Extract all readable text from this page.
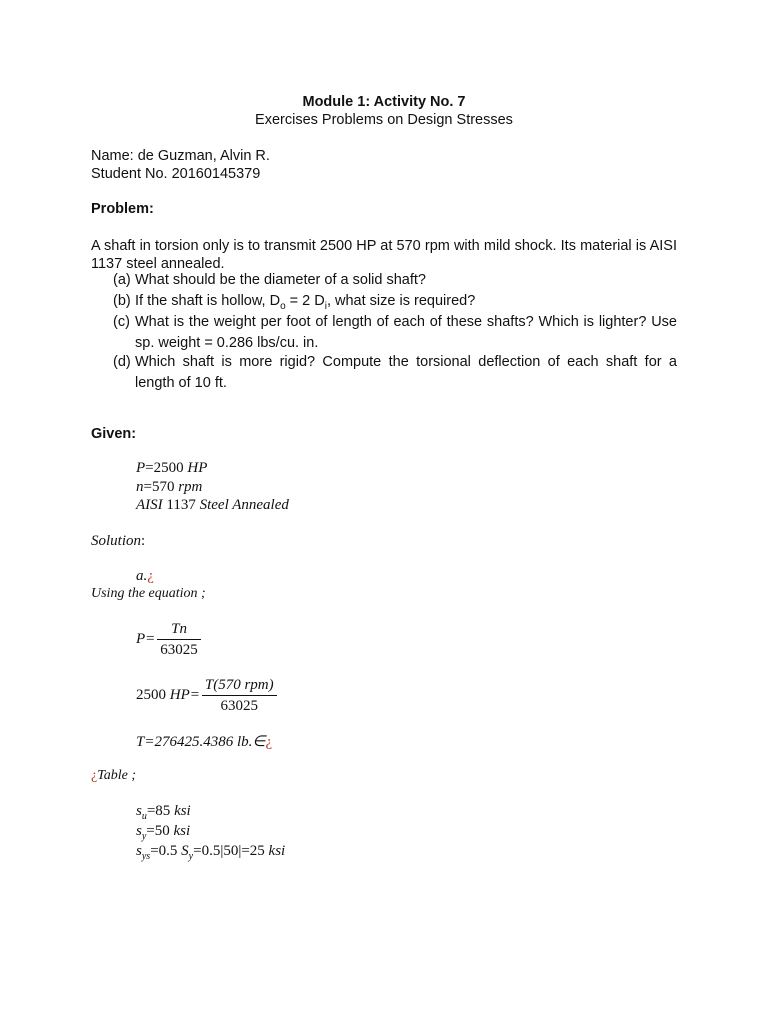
Module 1: Activity No. 7
Exercises Problems on Design Stresses
Name: de Guzman, Alvin R.
Student No. 20160145379
Problem:
A shaft in torsion only is to transmit 2500 HP at 570 rpm with mild shock. Its material is AISI 1137 steel annealed.
(a) What should be the diameter of a solid shaft?
(b) If the shaft is hollow, $D_o = 2$ $D_i$, what size is required?
(c) What is the weight per foot of length of each of these shafts? Which is lighter? Use sp. weight = 0.286 lbs/cu. in.
(d) Which shaft is more rigid? Compute the torsional deflection of each shaft for a length of 10 ft.
Given:
P=2500 HP
n=570 rpm
AISI 1137 Steel Annealed
Solution:
a.¿
Using the equation ;
$P= \frac{Tn}{63025}$
2500 $HP= \frac{\text{T(570 rpm)}}{63025}$
T=276425.4386 lb.∈¿
¿Table ;
$s_u=85$ ksi
$s_y=50$ ksi
$s_{ys}=0.5$ $S_y=0.5|50|=25$ ksi
